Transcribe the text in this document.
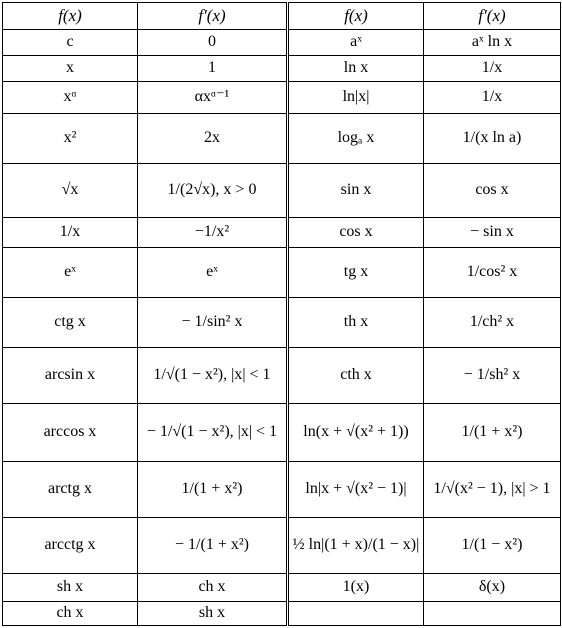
f(x)	f′(x)	f(x)	f′(x)
c	0	aˣ	aˣ ln x
x	1	ln x	1/x
xᵅ	αxᵅ⁻¹	ln|x|	1/x
x²	2x	logₐ x	1/(x ln a)
√x	1/(2√x), x > 0	sin x	cos x
1/x	−1/x²	cos x	− sin x
eˣ	eˣ	tg x	1/cos² x
ctg x	− 1/sin² x	th x	1/ch² x
arcsin x	1/√(1 − x²), |x| < 1	cth x	− 1/sh² x
arccos x	− 1/√(1 − x²), |x| < 1	ln(x + √(x² + 1))	1/(1 + x²)
arctg x	1/(1 + x²)	ln|x + √(x² − 1)|	1/√(x² − 1), |x| > 1
arcctg x	− 1/(1 + x²)	½ ln|(1 + x)/(1 − x)|	1/(1 − x²)
sh x	ch x	1(x)	δ(x)
ch x	sh x		
